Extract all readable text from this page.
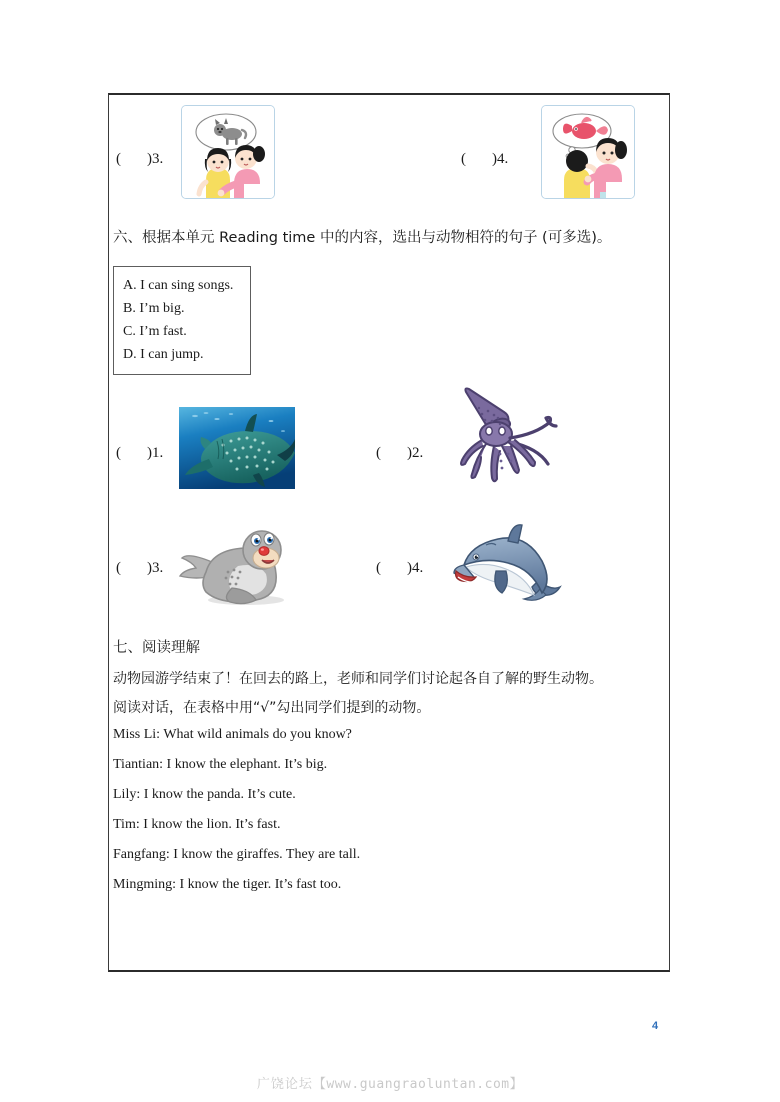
( )3.	( )4.
六、根据本单元 Reading time 中的内容，选出与动物相符的句子 (可多选)。
A. I can sing songs.
B. I’m big.
C. I’m fast.
D. I can jump.
( )1.	( )2.
( )3.	( )4.
七、阅读理解
动物园游学结束了！在回去的路上，老师和同学们讨论起各自了解的野生动物。
阅读对话，在表格中用“√”勾出同学们提到的动物。
Miss Li: What wild animals do you know?
Tiantian: I know the elephant. It’s big.
Lily: I know the panda. It’s cute.
Tim: I know the lion. It’s fast.
Fangfang: I know the giraffes. They are tall.
Mingming: I know the tiger. It’s fast too.
4
广饶论坛【www.guangraoluntan.com】
